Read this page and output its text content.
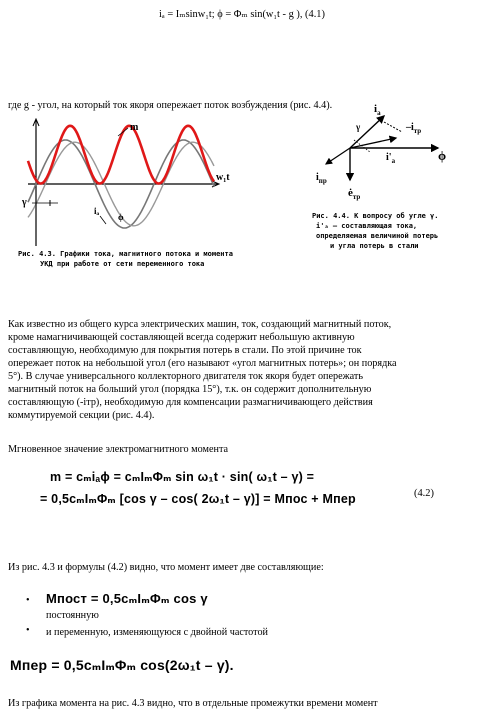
iₐ = Iₘsinw₁t; ϕ = Φₘ sin(w₁t - g ), (4.1)
где g - угол, на который ток якоря опережает поток возбуждения (рис. 4.4).
m
w₁t
γ
iₐ
ϕ
Рис. 4.3. Графики тока, магнитного потока и момента
УКД при работе от сети переменного тока
$i_a$
$-i_{тр}$
γ
ϕ
$i'_a$
$i_{пр}$
$ė_{тр}$
Рис. 4.4. К вопросу об угле γ.
i'ₐ – составляющая тока,
определяемая величиной потерь
и угла потерь в стали
Как известно из общего курса электрических машин, ток, создающий магнитный поток,
кроме намагничивающей составляющей всегда содержит небольшую активную
составляющую, необходимую для покрытия потерь в стали. По этой причине ток
опережает поток на небольшой угол (его называют «угол магнитных потерь»; он порядка
5°). В случае универсального коллекторного двигателя ток якоря будет опережать
магнитный поток на больший угол (порядка 15°), т.к. он содержит дополнительную
составляющую (-iтр), необходимую для компенсации размагничивающего действия
коммутируемой секции (рис. 4.4).
Мгновенное значение электромагнитного момента
m = cₘiₐϕ = cₘIₘΦₘ sin ω₁t · sin( ω₁t – γ) =
= 0,5cₘIₘΦₘ [cos γ – cos( 2ω₁t – γ)] = Mпос + Mпер	(4.2)
Из рис. 4.3 и формулы (4.2) видно, что момент имеет две составляющие:
• Mпост = 0,5cₘIₘΦₘ cos γ
постоянную
• и переменную, изменяющуюся с двойной частотой
Mпер = 0,5cₘIₘΦₘ cos(2ω₁t – γ).
Из графика момента на рис. 4.3 видно, что в отдельные промежутки времени момент
